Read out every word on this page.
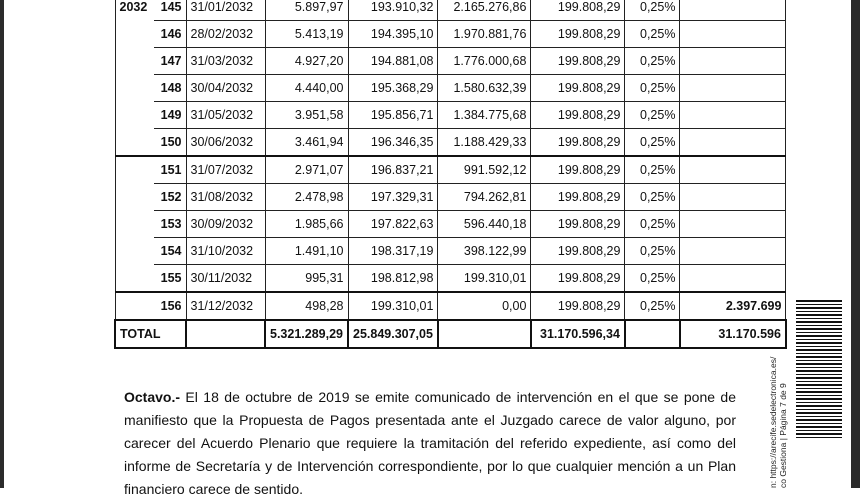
2032	145	31/01/2032	5.897,97	193.910,32	2.165.276,86	199.808,29	0,25%	
	146	28/02/2032	5.413,19	194.395,10	1.970.881,76	199.808,29	0,25%	
	147	31/03/2032	4.927,20	194.881,08	1.776.000,68	199.808,29	0,25%	
	148	30/04/2032	4.440,00	195.368,29	1.580.632,39	199.808,29	0,25%	
	149	31/05/2032	3.951,58	195.856,71	1.384.775,68	199.808,29	0,25%	
	150	30/06/2032	3.461,94	196.346,35	1.188.429,33	199.808,29	0,25%	
	151	31/07/2032	2.971,07	196.837,21	991.592,12	199.808,29	0,25%	
	152	31/08/2032	2.478,98	197.329,31	794.262,81	199.808,29	0,25%	
	153	30/09/2032	1.985,66	197.822,63	596.440,18	199.808,29	0,25%	
	154	31/10/2032	1.491,10	198.317,19	398.122,99	199.808,29	0,25%	
	155	30/11/2032	995,31	198.812,98	199.310,01	199.808,29	0,25%	
	156	31/12/2032	498,28	199.310,01	0,00	199.808,29	0,25%	2.397.699
TOTAL			5.321.289,29	25.849.307,05		31.170.596,34		31.170.596
Octavo.- El 18 de octubre de 2019 se emite comunicado de intervención en el que se pone de manifiesto que la Propuesta de Pagos presentada ante el Juzgado carece de valor alguno, por carecer del Acuerdo Plenario que requiere la tramitación del referido expediente, así como del informe de Secretaría y de Intervención correspondiente, por lo que cualquier mención a un Plan financiero carece de sentido.
n: https://arecife.sedelectronica.es/ co Gestiona | Página 7 de 9
